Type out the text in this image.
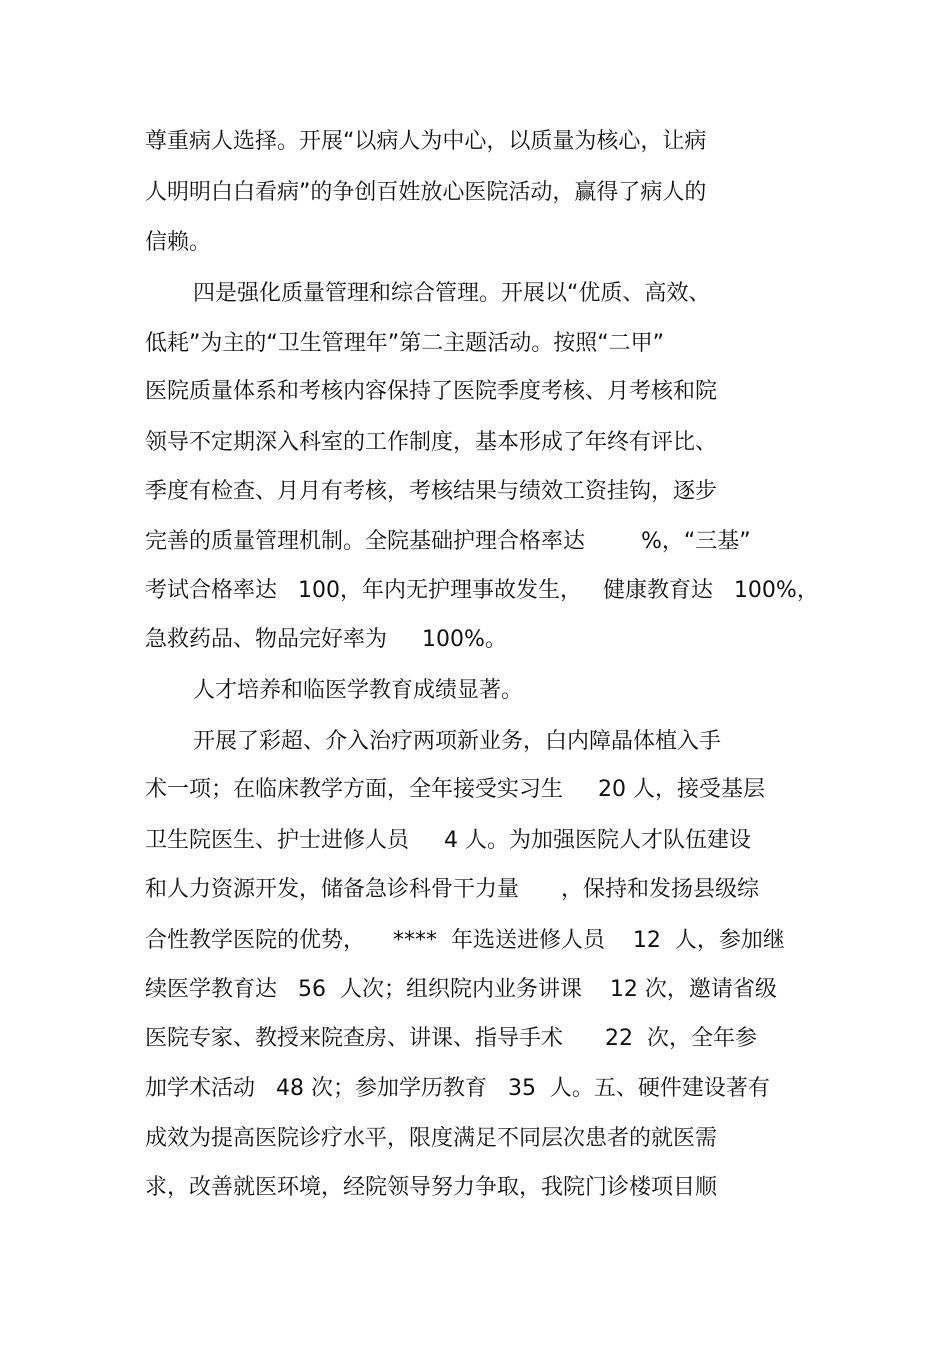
尊重病人选择。开展“以病人为中心，以质量为核心，让病
人明明白白看病”的争创百姓放心医院活动，赢得了病人的
信赖。
四是强化质量管理和综合管理。开展以“优质、高效、
低耗”为主的“卫生管理年”第二主题活动。按照“二甲”
医院质量体系和考核内容保持了医院季度考核、月考核和院
领导不定期深入科室的工作制度，基本形成了年终有评比、
季度有检查、月月有考核，考核结果与绩效工资挂钩，逐步
完善的质量管理机制。全院基础护理合格率达        %，“三基”
考试合格率达   100，年内无护理事故发生，   健康教育达   100%，
急救药品、物品完好率为     100%。
人才培养和临医学教育成绩显著。
开展了彩超、介入治疗两项新业务，白内障晶体植入手
术一项；在临床教学方面，全年接受实习生     20 人，接受基层
卫生院医生、护士进修人员     4 人。为加强医院人才队伍建设
和人力资源开发，储备急诊科骨干力量      ，保持和发扬县级综
合性教学医院的优势，    ****  年选送进修人员    12  人，参加继
续医学教育达   56  人次；组织院内业务讲课    12 次，邀请省级
医院专家、教授来院查房、讲课、指导手术      22  次，全年参
加学术活动   48 次；参加学历教育   35  人。五、硬件建设著有
成效为提高医院诊疗水平，限度满足不同层次患者的就医需
求，改善就医环境，经院领导努力争取，我院门诊楼项目顺
